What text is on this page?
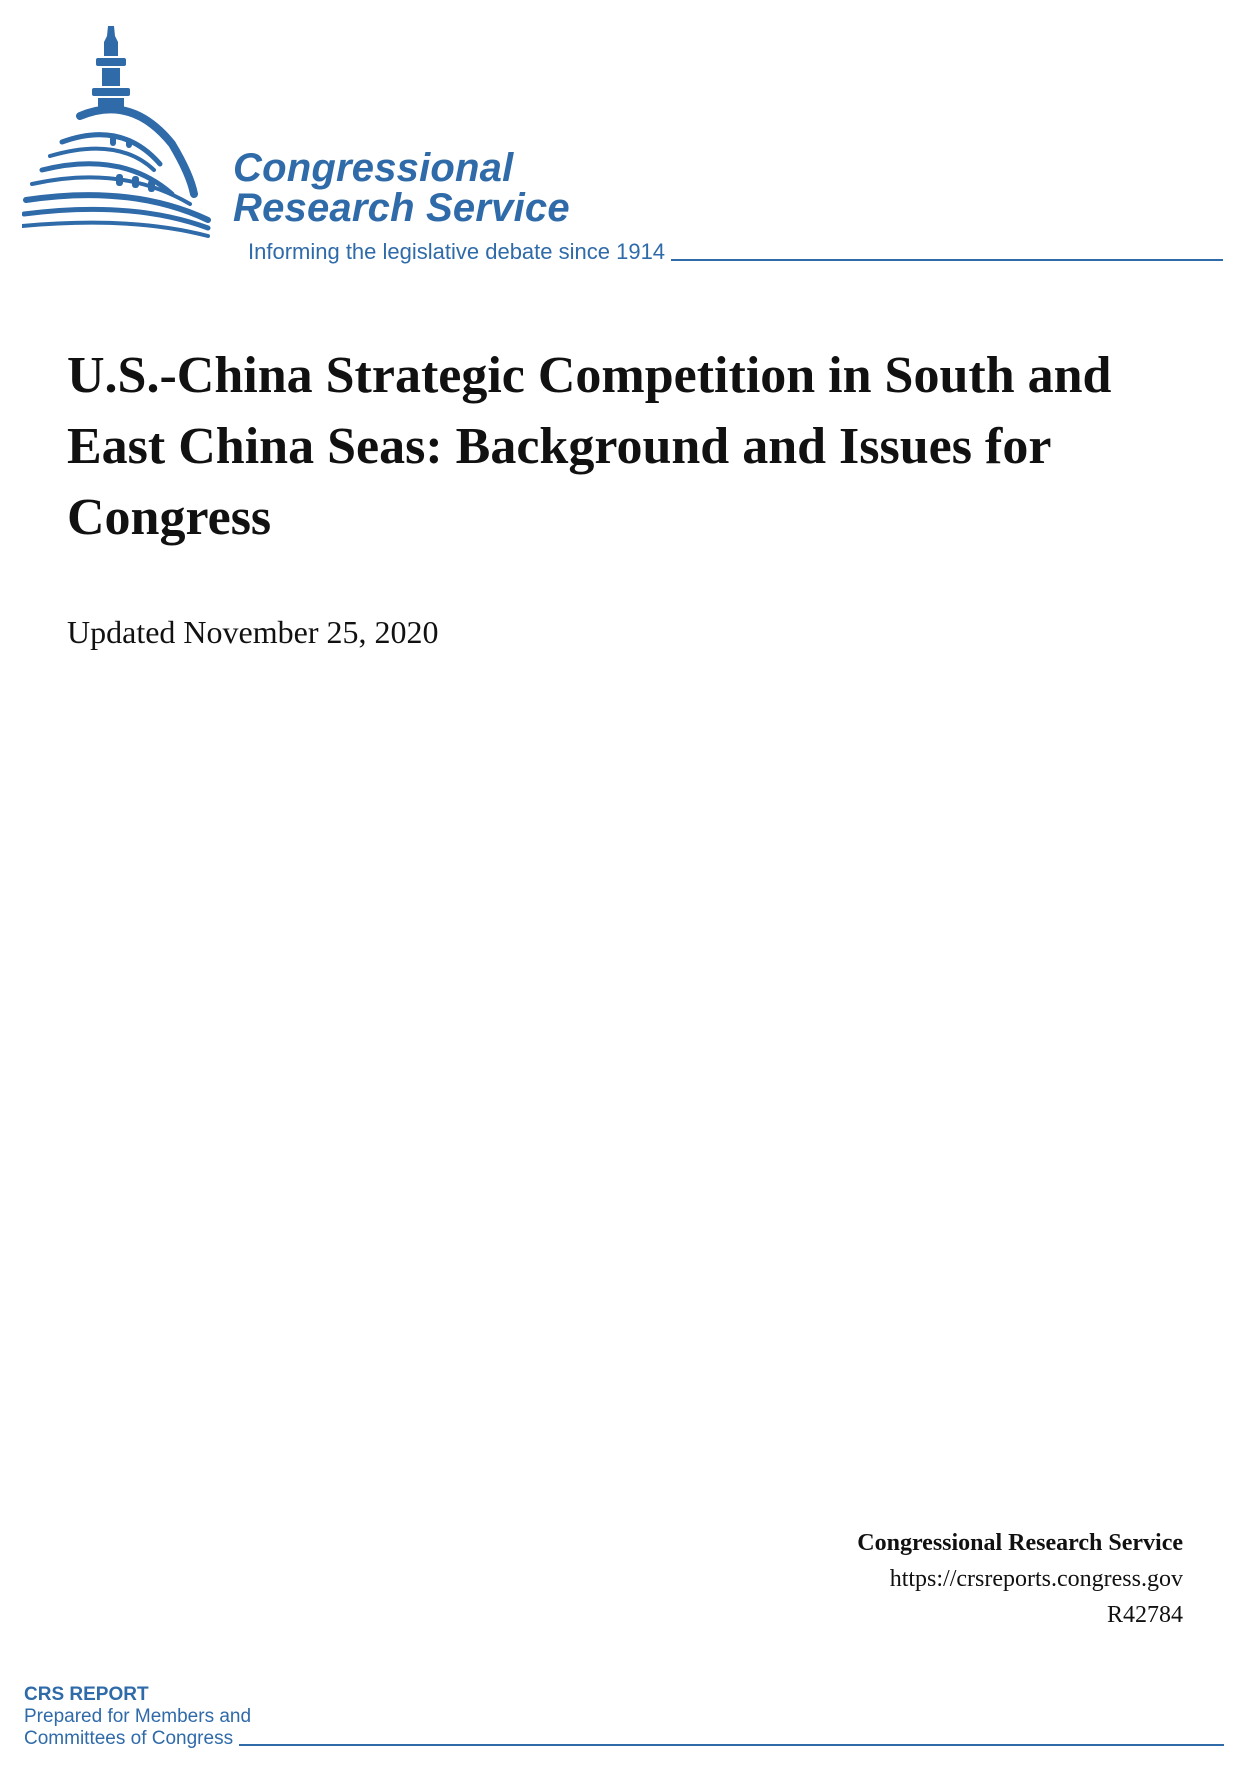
Congressional
Research Service
Informing the legislative debate since 1914
U.S.-China Strategic Competition in South and East China Seas: Background and Issues for Congress
Updated November 25, 2020
Congressional Research Service
https://crsreports.congress.gov
R42784
CRS REPORT
Prepared for Members and
Committees of Congress
